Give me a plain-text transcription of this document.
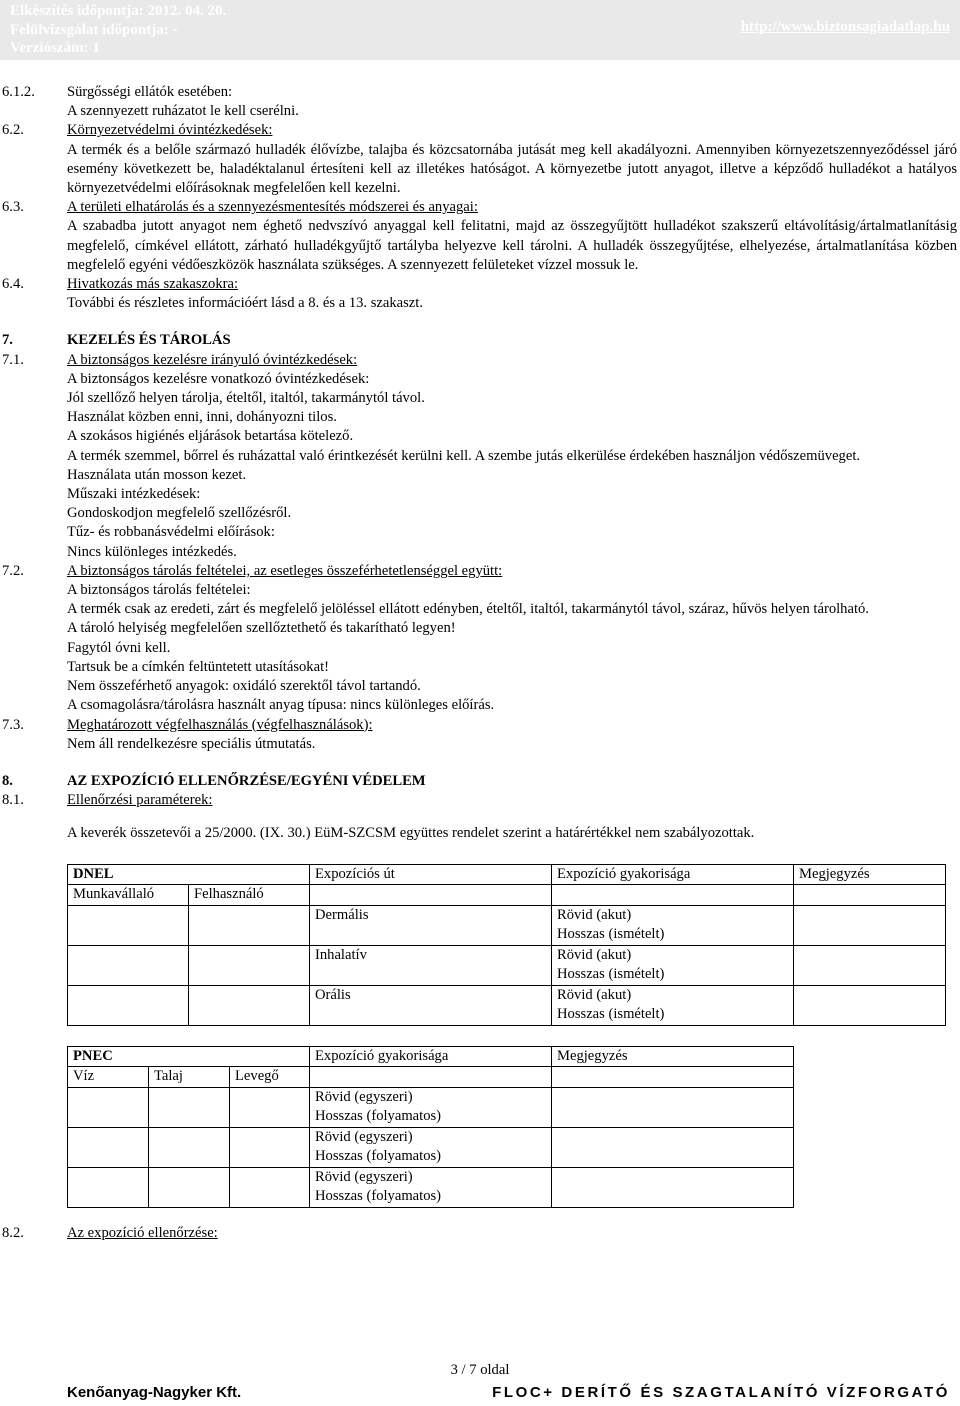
Elkészítés időpontja: 2012. 04. 20.
Felülvizsgálat időpontja: -
Verziószám: 1
http://www.biztonsagiadatlap.hu
6.1.2.	Sürgősségi ellátók esetében:
A szennyezett ruházatot le kell cserélni.
6.2.	Környezetvédelmi óvintézkedések:
A termék és a belőle származó hulladék élővízbe, talajba és közcsatornába jutását meg kell akadályozni. Amennyiben környezetszennyeződéssel járó esemény következett be, haladéktalanul értesíteni kell az illetékes hatóságot. A környezetbe jutott anyagot, illetve a képződő hulladékot a hatályos környezetvédelmi előírásoknak megfelelően kell kezelni.
6.3.	A területi elhatárolás és a szennyezésmentesítés módszerei és anyagai:
A szabadba jutott anyagot nem éghető nedvszívó anyaggal kell felitatni, majd az összegyűjtött hulladékot szakszerű eltávolításig/ártalmatlanításig megfelelő, címkével ellátott, zárható hulladékgyűjtő tartályba helyezve kell tárolni. A hulladék összegyűjtése, elhelyezése, ártalmatlanítása közben megfelelő egyéni védőeszközök használata szükséges. A szennyezett felületeket vízzel mossuk le.
6.4.	Hivatkozás más szakaszokra:
További és részletes információért lásd a 8. és a 13. szakaszt.
7.	KEZELÉS ÉS TÁROLÁS
7.1.	A biztonságos kezelésre irányuló óvintézkedések:
A biztonságos kezelésre vonatkozó óvintézkedések:
Jól szellőző helyen tárolja, ételtől, italtól, takarmánytól távol.
Használat közben enni, inni, dohányozni tilos.
A szokásos higiénés eljárások betartása kötelező.
A termék szemmel, bőrrel és ruházattal való érintkezését kerülni kell. A szembe jutás elkerülése érdekében használjon védőszemüveget.
Használata után mosson kezet.
Műszaki intézkedések:
Gondoskodjon megfelelő szellőzésről.
Tűz- és robbanásvédelmi előírások:
Nincs különleges intézkedés.
7.2.	A biztonságos tárolás feltételei, az esetleges összeférhetetlenséggel együtt:
A biztonságos tárolás feltételei:
A termék csak az eredeti, zárt és megfelelő jelöléssel ellátott edényben, ételtől, italtól, takarmánytól távol, száraz, hűvös helyen tárolható.
A tároló helyiség megfelelően szellőztethető és takarítható legyen!
Fagytól óvni kell.
Tartsuk be a címkén feltüntetett utasításokat!
Nem összeférhető anyagok: oxidáló szerektől távol tartandó.
A csomagolásra/tárolásra használt anyag típusa: nincs különleges előírás.
7.3.	Meghatározott végfelhasználás (végfelhasználások):
Nem áll rendelkezésre speciális útmutatás.
8.	AZ EXPOZÍCIÓ ELLENŐRZÉSE/EGYÉNI VÉDELEM
8.1.	Ellenőrzési paraméterek:
A keverék összetevői a 25/2000. (IX. 30.) EüM-SZCSM együttes rendelet szerint a határértékkel nem szabályozottak.
DNEL		Expozíciós út	Expozíció gyakorisága	Megjegyzés
Munkavállaló	Felhasználó			
		Dermális	Rövid (akut)
Hosszas (ismételt)	

		Inhalatív	Rövid (akut)
Hosszas (ismételt)	

		Orális	Rövid (akut)
Hosszas (ismételt)	

PNEC			Expozíció gyakorisága	Megjegyzés
Víz	Talaj	Levegő		

			Rövid (egyszeri)
Hosszas (folyamatos)	

			Rövid (egyszeri)
Hosszas (folyamatos)	

			Rövid (egyszeri)
Hosszas (folyamatos)	

8.2.	Az expozíció ellenőrzése:
3 / 7 oldal
Kenőanyag-Nagyker Kft.	FLOC+ DERÍTŐ ÉS SZAGTALANÍTÓ VÍZFORGATÓ
